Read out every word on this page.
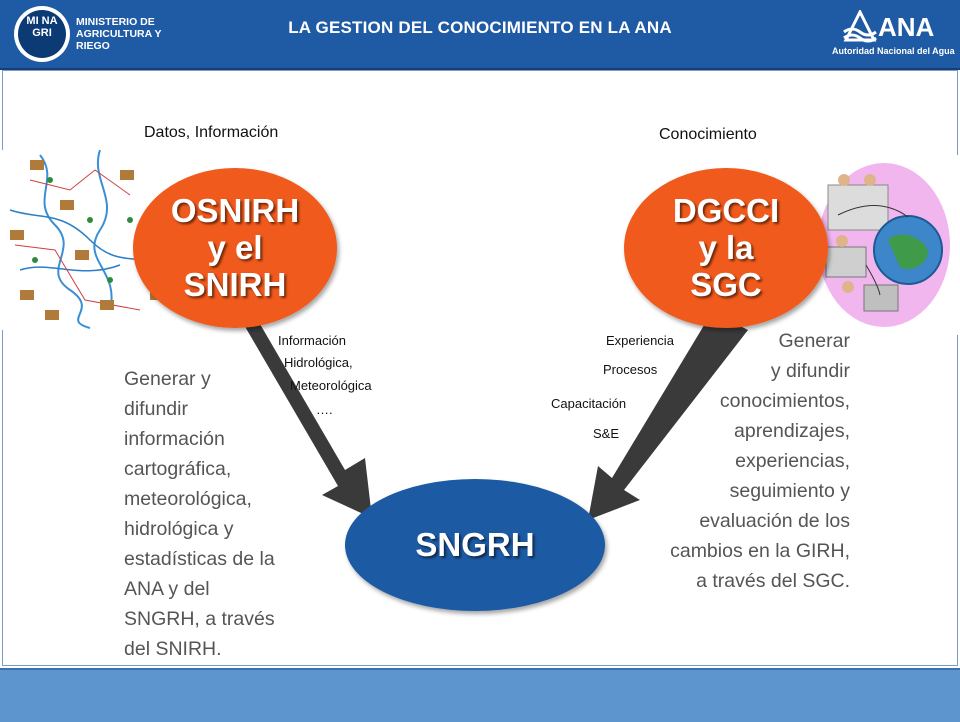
MI NA GRI
MINISTERIO DE AGRICULTURA Y RIEGO
LA GESTION DEL CONOCIMIENTO EN LA ANA	ANA
Autoridad Nacional del Agua
OSNIRH
y el
SNIRH
DGCCI
y la
SGC
SNGRH
Datos, Información	Conocimiento
Información
Hidrológica,
Meteorológica
….
Experiencia
Procesos
Capacitación
S&E
Generar y
difundir
información
cartográfica,
meteorológica,
hidrológica y
estadísticas de la
ANA y del
SNGRH, a través
del SNIRH.
Generar
y difundir
conocimientos,
aprendizajes,
experiencias,
seguimiento y
evaluación de los
cambios en la GIRH,
a través del SGC.
